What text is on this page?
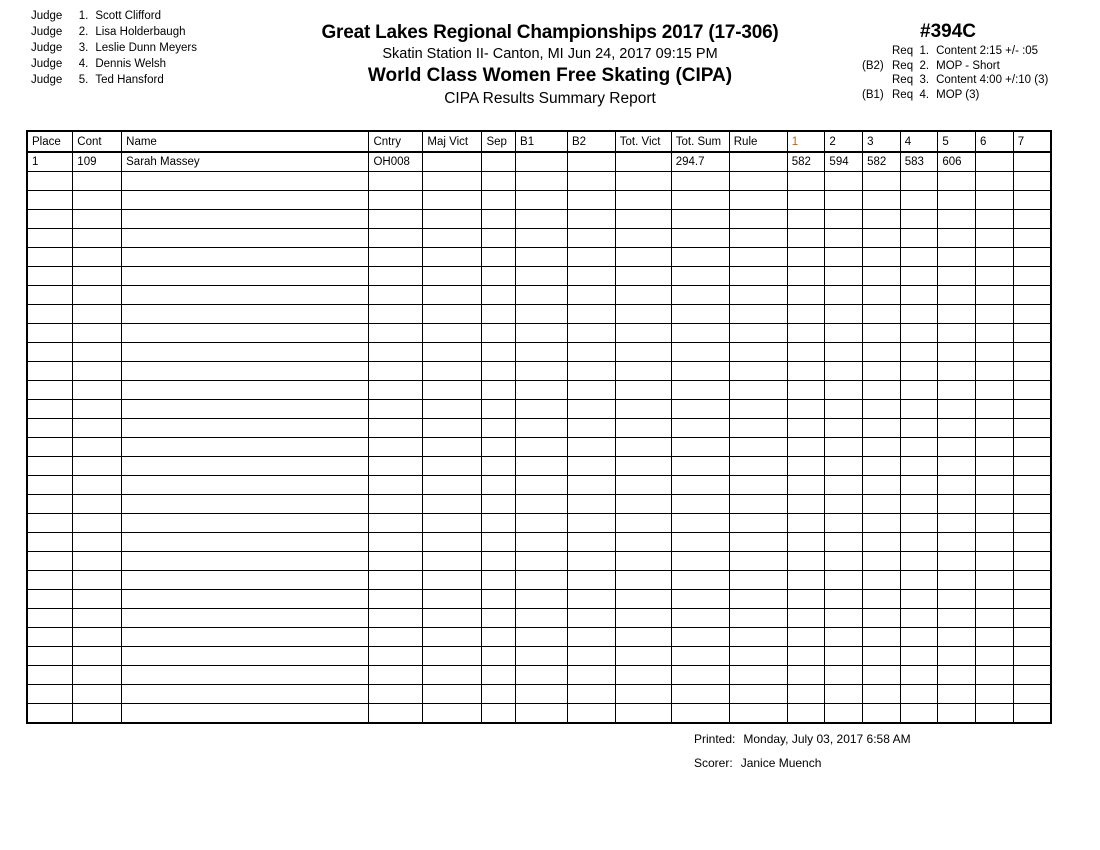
Judge 1. Scott Clifford
Judge 2. Lisa Holderbaugh
Judge 3. Leslie Dunn Meyers
Judge 4. Dennis Welsh
Judge 5. Ted Hansford
Great Lakes Regional Championships 2017 (17-306)
Skatin Station II- Canton, MI Jun 24, 2017 09:15 PM
World Class Women Free Skating (CIPA)
CIPA Results Summary Report
#394C
Req 1. Content 2:15 +/- :05
(B2) Req 2. MOP - Short
Req 3. Content 4:00 +/:10 (3)
(B1) Req 4. MOP (3)
Place	Cont	Name	Cntry	Maj Vict	Sep	B1	B2	Tot. Vict	Tot. Sum	Rule	1	2	3	4	5	6	7
1	109	Sarah Massey	OH008						294.7		582	594	582	583	606		

Printed: Monday, July 03, 2017 6:58 AM
Scorer: Janice Muench
